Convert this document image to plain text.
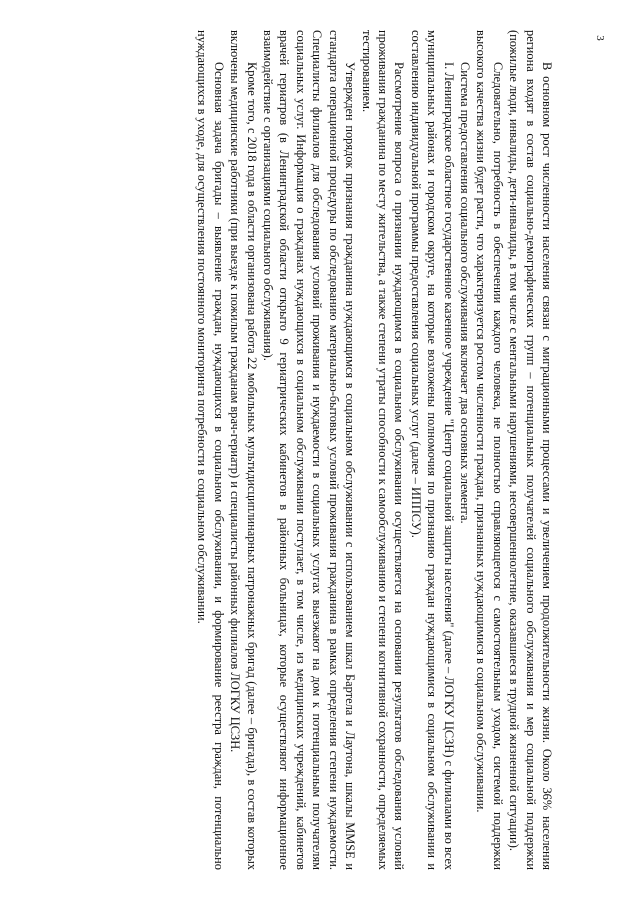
3

В основном рост численности населения связан с миграционными процессами и увеличением продолжительности жизни. Около 36% населения региона входят в состав социально-демографических групп – потенциальных получателей социального обслуживания и мер социальной поддержки (пожилые люди, инвалиды, дети-инвалиды, в том числе с ментальными нарушениями, несовершеннолетние, оказавшиеся в трудной жизненной ситуации).

Следовательно, потребность в обеспечении каждого человека, не полностью справляющегося с самостоятельным уходом, системой поддержки высокого качества жизни будет расти, что характеризуется ростом численности граждан, признанных нуждающимися в социальном обслуживании.

Система предоставления социального обслуживания включает два основных элемента.

I. Ленинградское областное государственное казенное учреждение "Центр социальной защиты населения" (далее – ЛОГКУ ЦСЗН) с филиалами во всех муниципальных районах и городском округе, на которые возложены полномочия по признанию граждан нуждающимися в социальном обслуживании и составлению индивидуальной программы предоставления социальных услуг (далее – ИППСУ).

Рассмотрение вопроса о признании нуждающимся в социальном обслуживании осуществляется на основании результатов обследования условий проживания гражданина по месту жительства, а также степени утраты способности к самообслуживанию и степени когнитивной сохранности, определяемых тестированием.

Утвержден порядок признания гражданина нуждающимся в социальном обслуживании с использованием шкал Бартела и Лаутона, шкалы MMSE и стандарта операционной процедуры по обследованию материально-бытовых условий проживания гражданина в рамках определения степени нуждаемости. Специалисты филиалов для обследования условий проживания и нуждаемости в социальных услугах выезжают на дом к потенциальным получателям социальных услуг. Информация о гражданах нуждающихся в социальном обслуживании поступает, в том числе, из медицинских учреждений, кабинетов врачей гериатров (в Ленинградской области открыто 9 гериатрических кабинетов в районных больницах, которые осуществляют информационное взаимодействие с организациями социального обслуживания).

Кроме того, с 2018 года в области организована работа 22 мобильных мультидисциплинарных патронажных бригад (далее – бригада), в состав которых включены медицинские работники (при выезде к пожилым гражданам врач-гериатр) и специалисты районных филиалов ЛОГКУ ЦСЗН.

Основная задача бригады – выявление граждан, нуждающихся в социальном обслуживании, и формирование реестра граждан, потенциально нуждающихся в уходе, для осуществления постоянного мониторинга потребности в социальном обслуживании.
